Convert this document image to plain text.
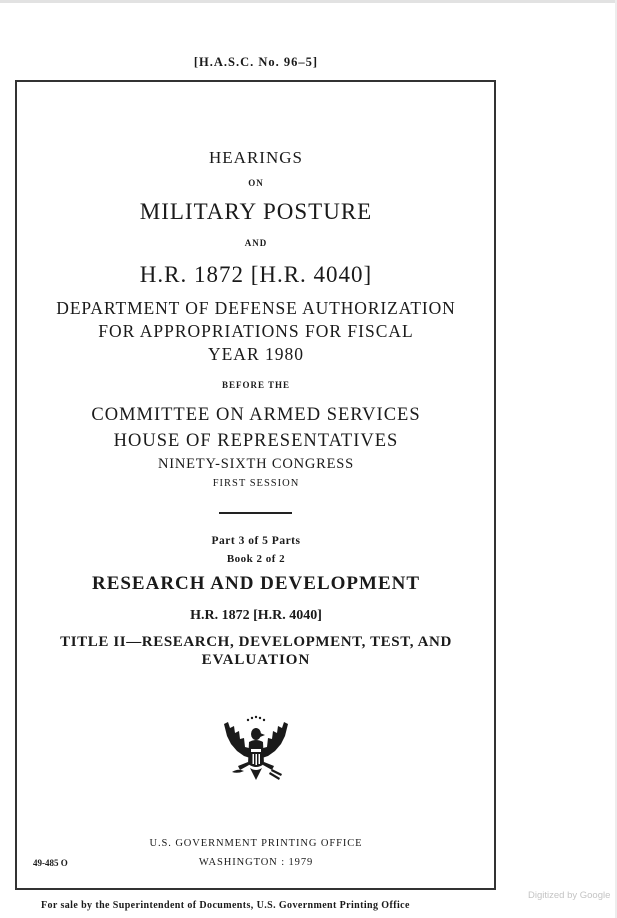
[H.A.S.C. No. 96–5]
HEARINGS
ON
MILITARY POSTURE
AND
H.R. 1872 [H.R. 4040]
DEPARTMENT OF DEFENSE AUTHORIZATION
FOR APPROPRIATIONS FOR FISCAL
YEAR 1980
BEFORE THE
COMMITTEE ON ARMED SERVICES
HOUSE OF REPRESENTATIVES
NINETY-SIXTH CONGRESS
FIRST SESSION
Part 3 of 5 Parts
Book 2 of 2
RESEARCH AND DEVELOPMENT
H.R. 1872 [H.R. 4040]
TITLE II—RESEARCH, DEVELOPMENT, TEST, AND
EVALUATION
U.S. GOVERNMENT PRINTING OFFICE
WASHINGTON : 1979
49-485 O
For sale by the Superintendent of Documents, U.S. Government Printing Office
Digitized by Google
